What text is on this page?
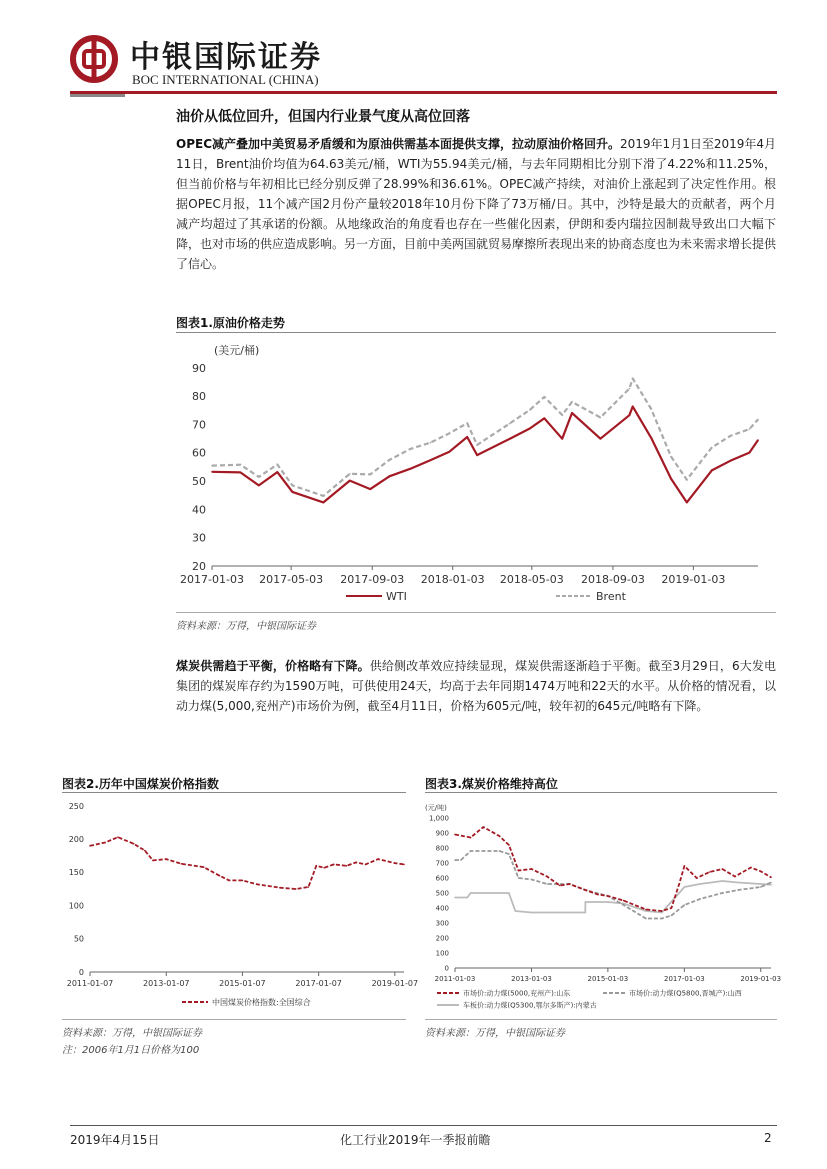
中银国际证券
BOC INTERNATIONAL (CHINA)
油价从低位回升，但国内行业景气度从高位回落
OPEC减产叠加中美贸易矛盾缓和为原油供需基本面提供支撑，拉动原油价格回升。2019年1月1日至2019年4月11日，Brent油价均值为64.63美元/桶，WTI为55.94美元/桶，与去年同期相比分别下滑了4.22%和11.25%，但当前价格与年初相比已经分别反弹了28.99%和36.61%。OPEC减产持续，对油价上涨起到了决定性作用。根据OPEC月报，11个减产国2月份产量较2018年10月份下降了73万桶/日。其中，沙特是最大的贡献者，两个月减产均超过了其承诺的份额。从地缘政治的角度看也存在一些催化因素，伊朗和委内瑞拉因制裁导致出口大幅下降，也对市场的供应造成影响。另一方面，目前中美两国就贸易摩擦所表现出来的协商态度也为未来需求增长提供了信心。
图表1.原油价格走势
20
30
40
50
60
70
80
90
2017-01-03 2017-05-03 2017-09-03 2018-01-03 2018-05-03 2018-09-03 2019-01-03
(美元/桶)
WTI	Brent
资料来源：万得，中银国际证券
煤炭供需趋于平衡，价格略有下降。供给侧改革效应持续显现，煤炭供需逐渐趋于平衡。截至3月29日，6大发电集团的煤炭库存约为1590万吨，可供使用24天，均高于去年同期1474万吨和22天的水平。从价格的情况看，以动力煤(5,000,兖州产)市场价为例，截至4月11日，价格为605元/吨，较年初的645元/吨略有下降。
图表2.历年中国煤炭价格指数
0
50
100
150
200
250
2011-01-07	2013-01-07	2015-01-07	2017-01-07	2019-01-07
中国煤炭价格指数:全国综合
资料来源：万得，中银国际证券
注：2006年1月1日价格为100
图表3.煤炭价格维持高位
0
100
200
300
400
500
600
700
800
900
1,000
2011-01-03	2013-01-03	2015-01-03	2017-01-03	2019-01-03
(元/吨)
市场价:动力煤(5000,兖州产):山东	市场价:动力煤(Q5800,晋城产):山西
车板价:动力煤(Q5300,鄂尔多斯产):内蒙古
资料来源：万得，中银国际证券
2019年4月15日	化工行业2019年一季报前瞻	2
